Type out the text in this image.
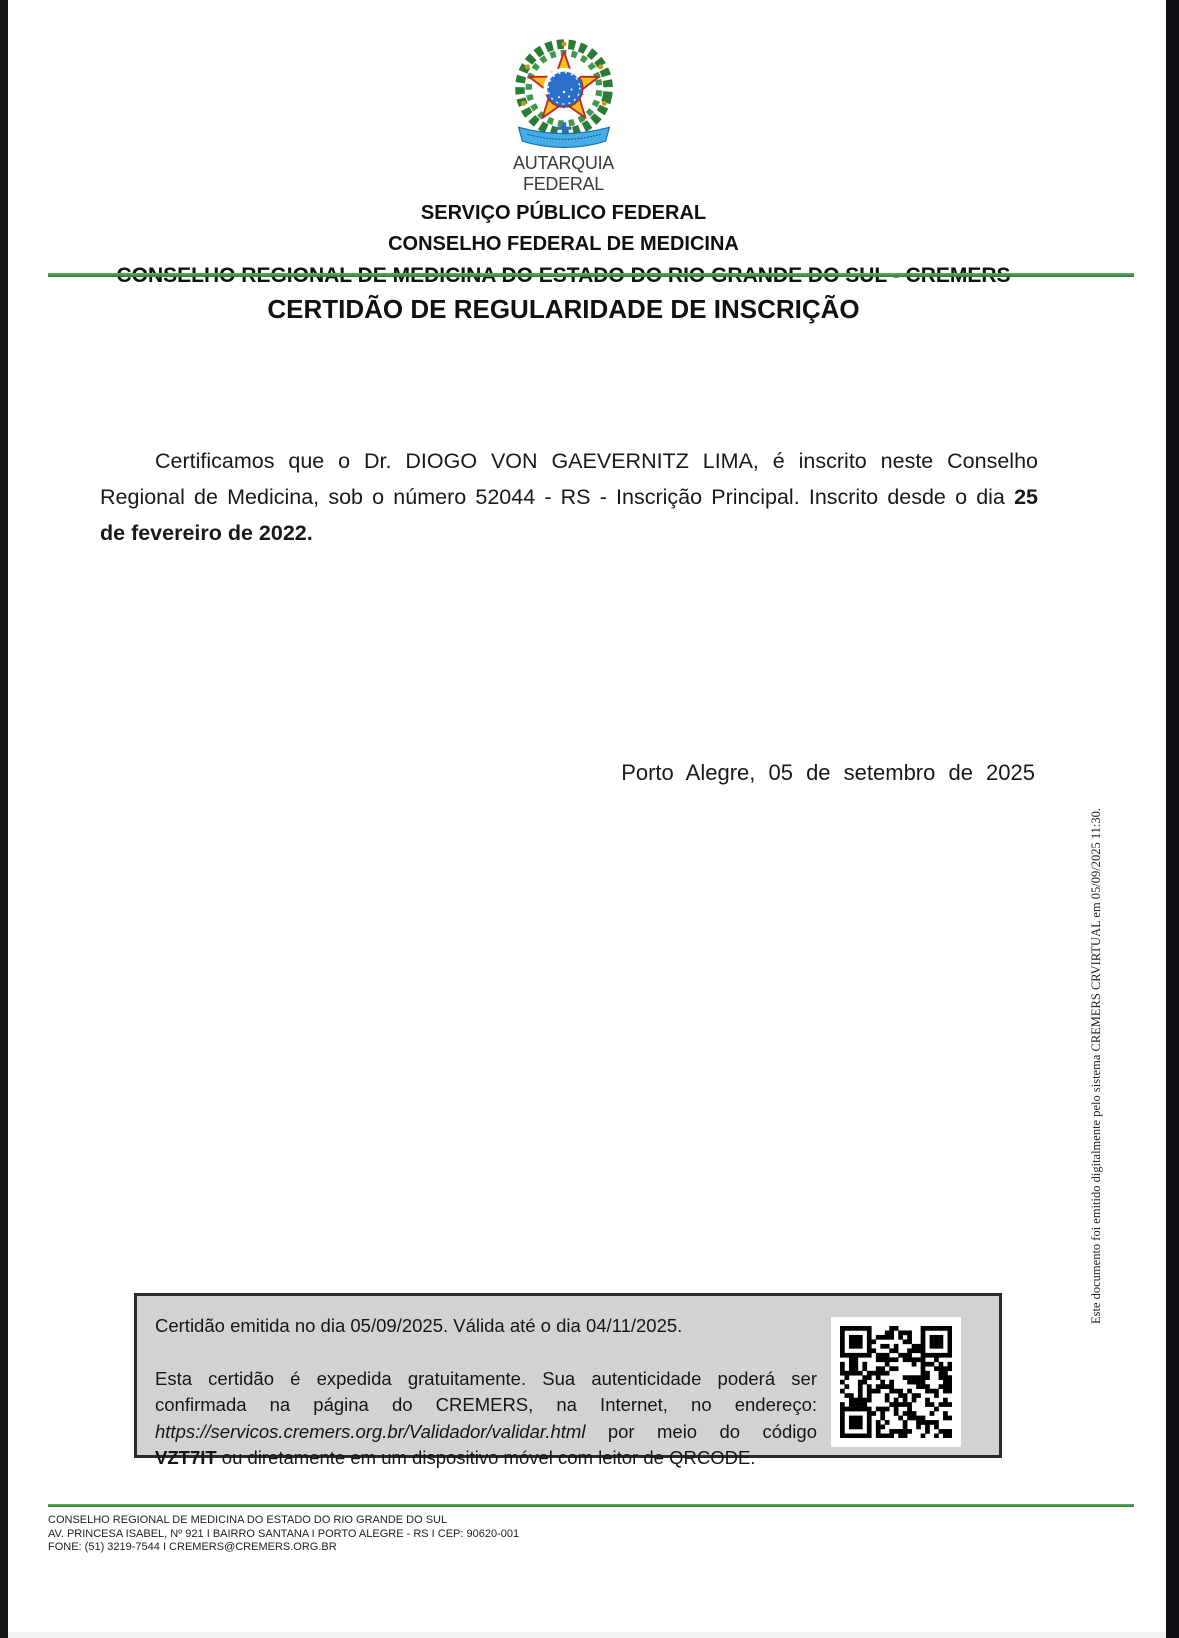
AUTARQUIA
FEDERAL
SERVIÇO PÚBLICO FEDERAL
CONSELHO FEDERAL DE MEDICINA
CERTIDÃO DE REGULARIDADE DE INSCRIÇÃO
Certificamos que o Dr. DIOGO VON GAEVERNITZ LIMA, é inscrito neste Conselho
Regional de Medicina, sob o número 52044 - RS - Inscrição Principal. Inscrito desde o dia 25
de fevereiro de 2022.
Porto Alegre, 05 de setembro de 2025
Este documento foi emitido digitalmente pelo sistema CREMERS CRVIRTUAL em 05/09/2025 11:30.
Certidão emitida no dia 05/09/2025. Válida até o dia 04/11/2025.
Esta certidão é expedida gratuitamente. Sua autenticidade poderá ser
confirmada na página do CREMERS, na Internet, no endereço:
https://servicos.cremers.org.br/Validador/validar.html por meio do código
VZT7IT ou diretamente em um dispositivo móvel com leitor de QRCODE.
CONSELHO REGIONAL DE MEDICINA DO ESTADO DO RIO GRANDE DO SUL
AV. PRINCESA ISABEL, Nº 921 I BAIRRO SANTANA I PORTO ALEGRE - RS I CEP: 90620-001
FONE: (51) 3219-7544 I CREMERS@CREMERS.ORG.BR
